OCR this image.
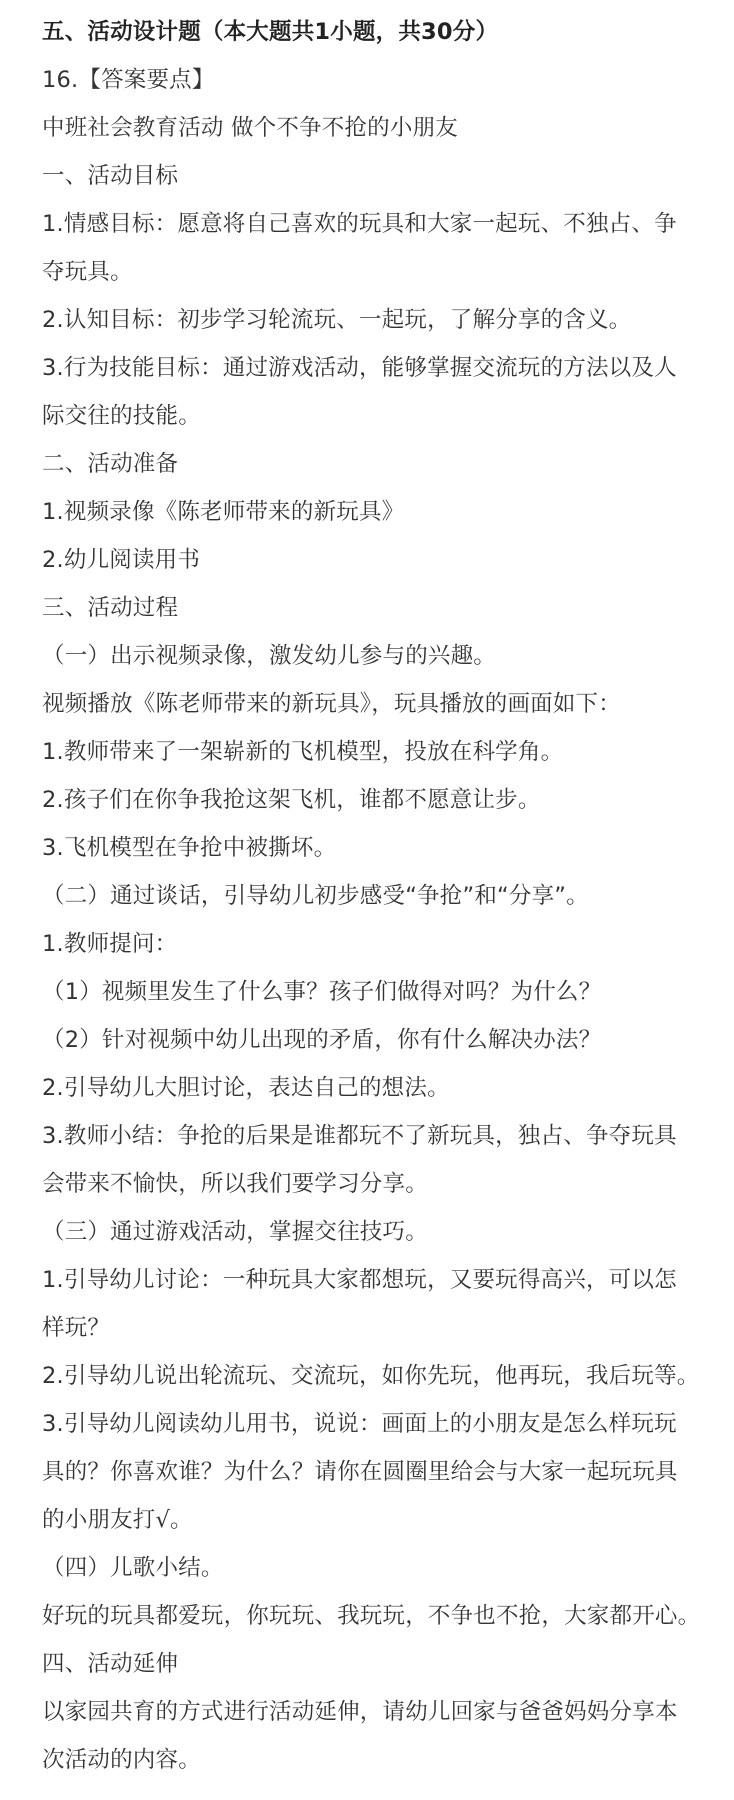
五、活动设计题（本大题共1小题，共30分）
16.【答案要点】
中班社会教育活动 做个不争不抢的小朋友
一、活动目标
1.情感目标：愿意将自己喜欢的玩具和大家一起玩、不独占、争
夺玩具。
2.认知目标：初步学习轮流玩、一起玩，了解分享的含义。
3.行为技能目标：通过游戏活动，能够掌握交流玩的方法以及人
际交往的技能。
二、活动准备
1.视频录像《陈老师带来的新玩具》
2.幼儿阅读用书
三、活动过程
（一）出示视频录像，激发幼儿参与的兴趣。
视频播放《陈老师带来的新玩具》，玩具播放的画面如下：
1.教师带来了一架崭新的飞机模型，投放在科学角。
2.孩子们在你争我抢这架飞机，谁都不愿意让步。
3.飞机模型在争抢中被撕坏。
（二）通过谈话，引导幼儿初步感受“争抢”和“分享”。
1.教师提问：
（1）视频里发生了什么事？孩子们做得对吗？为什么？
（2）针对视频中幼儿出现的矛盾，你有什么解决办法？
2.引导幼儿大胆讨论，表达自己的想法。
3.教师小结：争抢的后果是谁都玩不了新玩具，独占、争夺玩具
会带来不愉快，所以我们要学习分享。
（三）通过游戏活动，掌握交往技巧。
1.引导幼儿讨论：一种玩具大家都想玩，又要玩得高兴，可以怎
样玩？
2.引导幼儿说出轮流玩、交流玩，如你先玩，他再玩，我后玩等。
3.引导幼儿阅读幼儿用书，说说：画面上的小朋友是怎么样玩玩
具的？你喜欢谁？为什么？请你在圆圈里给会与大家一起玩玩具
的小朋友打√。
（四）儿歌小结。
好玩的玩具都爱玩，你玩玩、我玩玩，不争也不抢，大家都开心。
四、活动延伸
以家园共育的方式进行活动延伸，请幼儿回家与爸爸妈妈分享本
次活动的内容。
